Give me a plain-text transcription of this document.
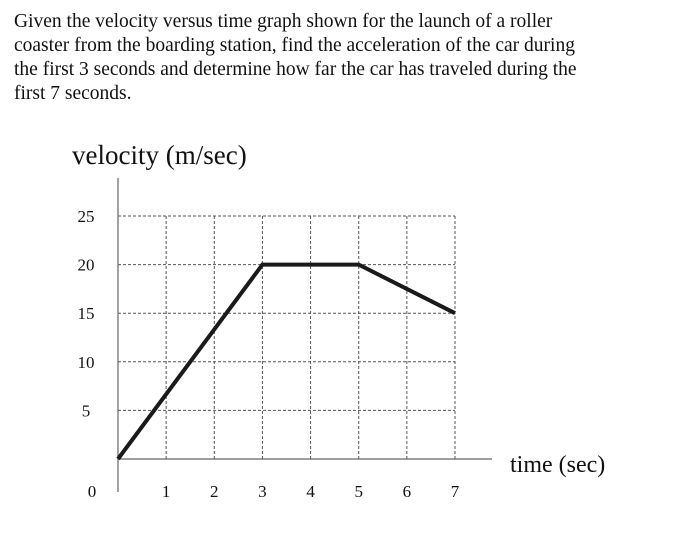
Given the velocity versus time graph shown for the launch of a roller
coaster from the boarding station, find the acceleration of the car during
the first 3 seconds and determine how far the car has traveled during the
first 7 seconds.
velocity (m/sec)
time (sec)
0	1 2 3 4 5 6 7
5
10
15
20
25
